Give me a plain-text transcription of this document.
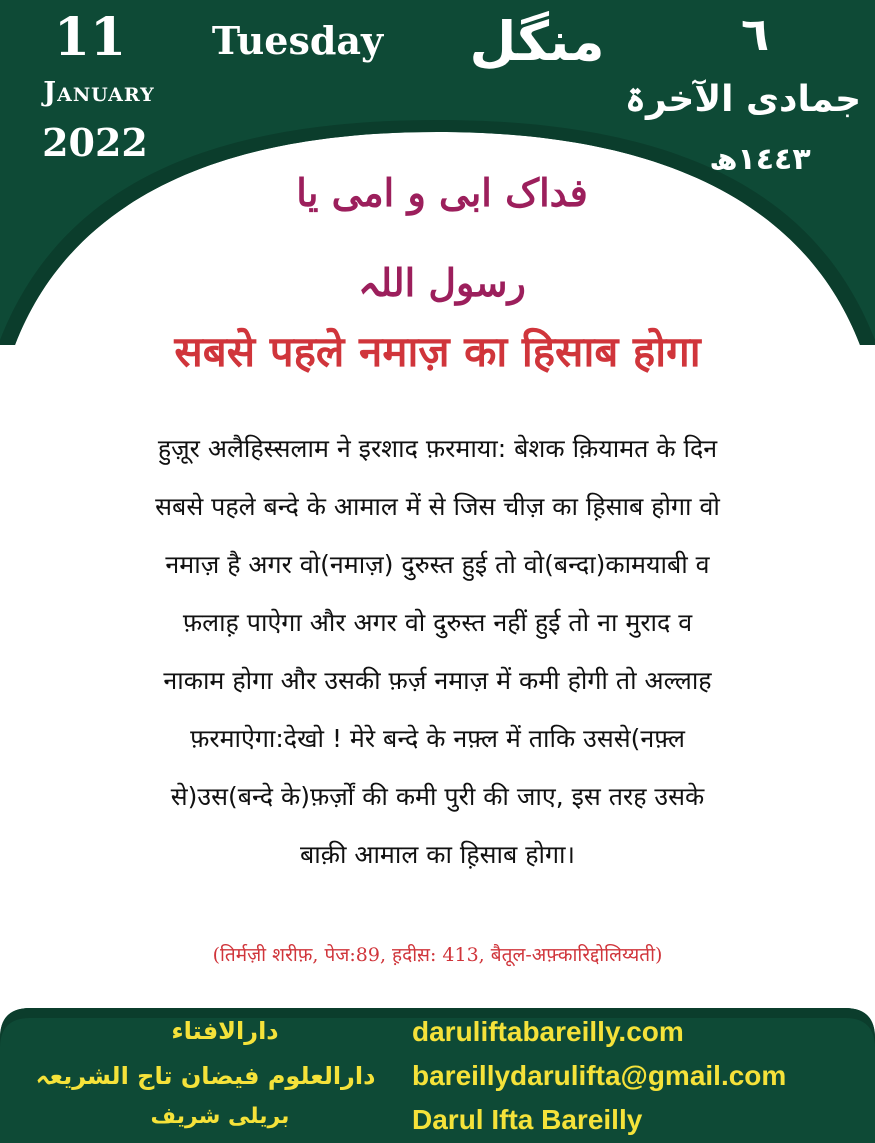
11
January
2022
Tuesday	منگل	٦
جمادی الآخرۃ
١٤٤٣ھ
فداک ابی و امی یا رسول اللہ
सबसे पहले नमाज़ का हिसाब होगा
हुज़ूर अलैहिस्सलाम ने इरशाद फ़रमाया: बेशक क़ियामत के दिन
सबसे पहले बन्दे के आमाल में से जिस चीज़ का ह़िसाब होगा वो
नमाज़ है अगर वो(नमाज़) दुरुस्त हुई तो वो(बन्दा)कामयाबी व
फ़लाह़ पाऐगा और अगर वो दुरुस्त नहीं हुई तो ना मुराद व
नाकाम होगा और उसकी फ़र्ज़ नमाज़ में कमी होगी तो अल्लाह
फ़रमाऐगा:देखो ! मेरे बन्दे के नफ़्ल में ताकि उससे(नफ़्ल
से)उस(बन्दे के)फ़र्ज़ों की कमी पुरी की जाए, इस तरह उसके
बाक़ी आमाल का ह़िसाब होगा।
(तिर्मज़ी शरीफ़, पेज:89, ह़दीस़: 413, बैतूल-अफ़्कारिद्दोलिय्यती)
دارالافتاء
دارالعلوم فیضان تاج الشریعہ
بریلی شریف
daruliftabareilly.com
bareillydarulifta@gmail.com
Darul Ifta Bareilly
